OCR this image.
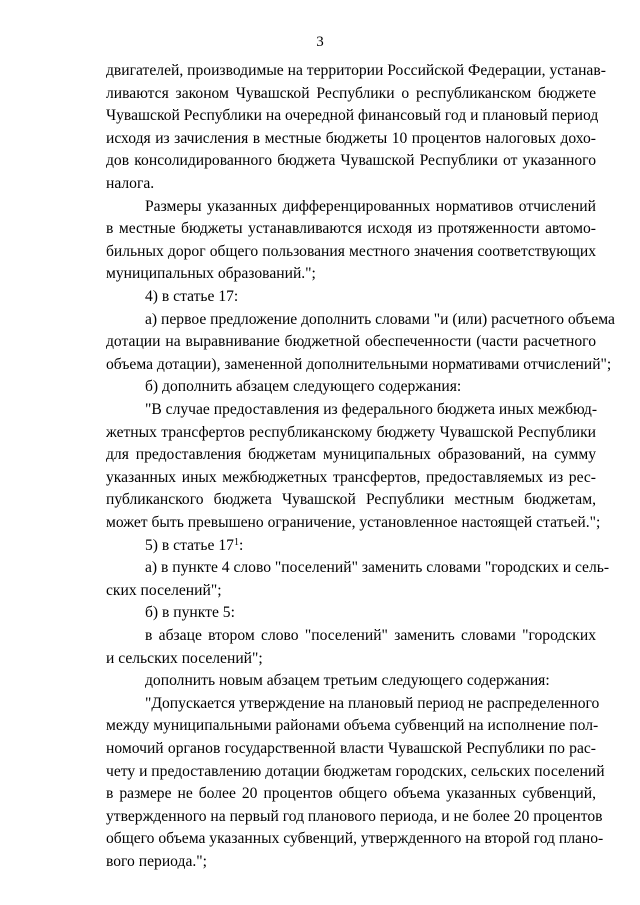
3
двигателей, производимые на территории Российской Федерации, устанав-
ливаются законом Чувашской Республики о республиканском бюджете
Чувашской Республики на очередной финансовый год и плановый период
исходя из зачисления в местные бюджеты 10 процентов налоговых дохо-
дов консолидированного бюджета Чувашской Республики от указанного
налога.
Размеры указанных дифференцированных нормативов отчислений
в местные бюджеты устанавливаются исходя из протяженности автомо-
бильных дорог общего пользования местного значения соответствующих
муниципальных образований.";
4) в статье 17:
а) первое предложение дополнить словами "и (или) расчетного объема
дотации на выравнивание бюджетной обеспеченности (части расчетного
объема дотации), замененной дополнительными нормативами отчислений";
б) дополнить абзацем следующего содержания:
"В случае предоставления из федерального бюджета иных межбюд-
жетных трансфертов республиканскому бюджету Чувашской Республики
для предоставления бюджетам муниципальных образований, на сумму
указанных иных межбюджетных трансфертов, предоставляемых из рес-
публиканского бюджета Чувашской Республики местным бюджетам,
может быть превышено ограничение, установленное настоящей статьей.";
5) в статье $17^1$:
а) в пункте 4 слово "поселений" заменить словами "городских и сель-
ских поселений";
б) в пункте 5:
в абзаце втором слово "поселений" заменить словами "городских
и сельских поселений";
дополнить новым абзацем третьим следующего содержания:
"Допускается утверждение на плановый период не распределенного
между муниципальными районами объема субвенций на исполнение пол-
номочий органов государственной власти Чувашской Республики по рас-
чету и предоставлению дотации бюджетам городских, сельских поселений
в размере не более 20 процентов общего объема указанных субвенций,
утвержденного на первый год планового периода, и не более 20 процентов
общего объема указанных субвенций, утвержденного на второй год плано-
вого периода.";
